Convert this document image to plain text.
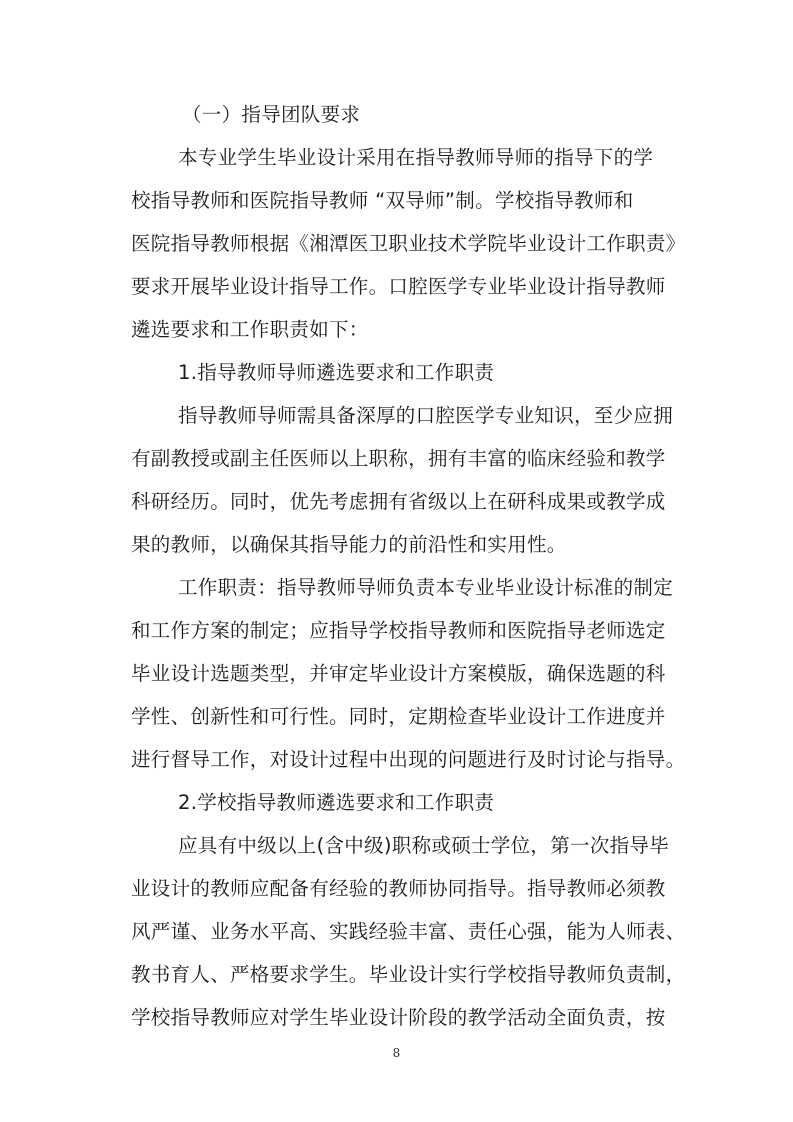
（一）指导团队要求
本专业学生毕业设计采用在指导教师导师的指导下的学
校指导教师和医院指导教师 “双导师”制。学校指导教师和
医院指导教师根据《湘潭医卫职业技术学院毕业设计工作职责》
要求开展毕业设计指导工作。口腔医学专业毕业设计指导教师
遴选要求和工作职责如下：
1.指导教师导师遴选要求和工作职责
指导教师导师需具备深厚的口腔医学专业知识，至少应拥
有副教授或副主任医师以上职称，拥有丰富的临床经验和教学
科研经历。同时，优先考虑拥有省级以上在研科成果或教学成
果的教师，以确保其指导能力的前沿性和实用性。
工作职责：指导教师导师负责本专业毕业设计标准的制定
和工作方案的制定；应指导学校指导教师和医院指导老师选定
毕业设计选题类型，并审定毕业设计方案模版，确保选题的科
学性、创新性和可行性。同时，定期检查毕业设计工作进度并
进行督导工作，对设计过程中出现的问题进行及时讨论与指导。
2.学校指导教师遴选要求和工作职责
应具有中级以上(含中级)职称或硕士学位，第一次指导毕
业设计的教师应配备有经验的教师协同指导。指导教师必须教
风严谨、业务水平高、实践经验丰富、责任心强，能为人师表、
教书育人、严格要求学生。毕业设计实行学校指导教师负责制，
学校指导教师应对学生毕业设计阶段的教学活动全面负责，按
8
